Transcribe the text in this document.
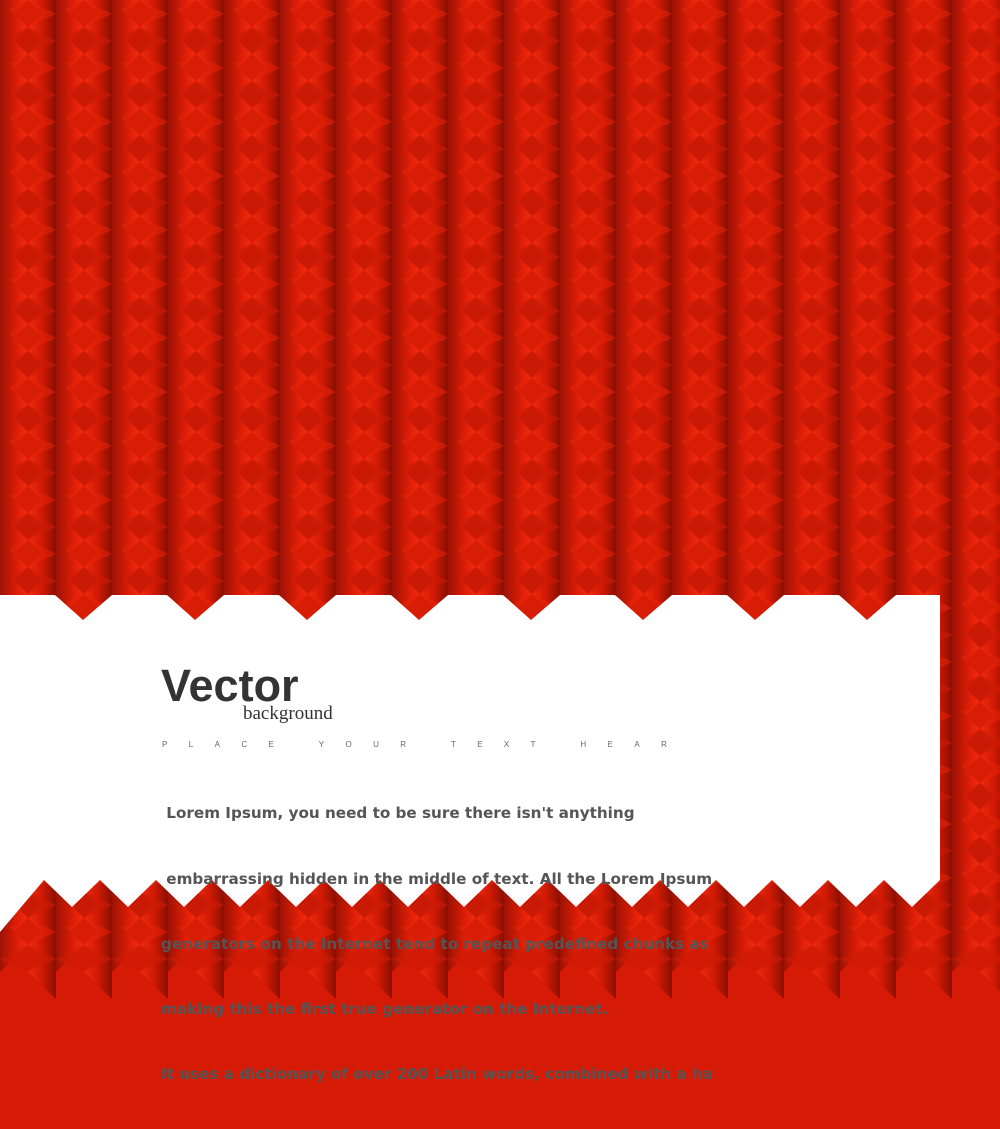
Vector
background
PLACE YOUR TEXT HEAR

Lorem Ipsum, you need to be sure there isn't anything

embarrassing hidden in the middle of text. All the Lorem Ipsum

generators on the Internet tend to repeat predefined chunks as

making this the first true generator on the Internet.

It uses a dictionary of over 200 Latin words, combined with a ha
